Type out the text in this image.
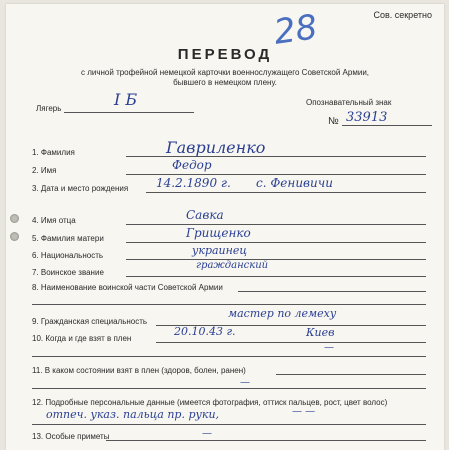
Сов. секретно
28
ПЕРЕВОД
с личной трофейной немецкой карточки военнослужащего Советской Армии,
бывшего в немецком плену.
Лягерь	I Б	Опознавательный знак
№ 33913
1. Фамилия	Гавриленко
2. Имя	Федор
3. Дата и место рождения 14.2.1890 г. с. Фенивичи
4. Имя отца	Савка
5. Фамилия матери	Грищенко
6. Национальность	украинец
7. Воинское звание
гражданский
8. Наименование воинской части Советской Армии
9. Гражданская специальность
мастер по лемеху
10. Когда и где взят в плен
20.10.43 г.	Киев
—
11. В каком состоянии взят в плен (здоров, болен, ранен)
—
12. Подробные персональные данные (имеется фотография, оттиск пальцев, рост, цвет волос)
отпеч. указ. пальца пр. руки,	— —
13. Особые приметы	—
